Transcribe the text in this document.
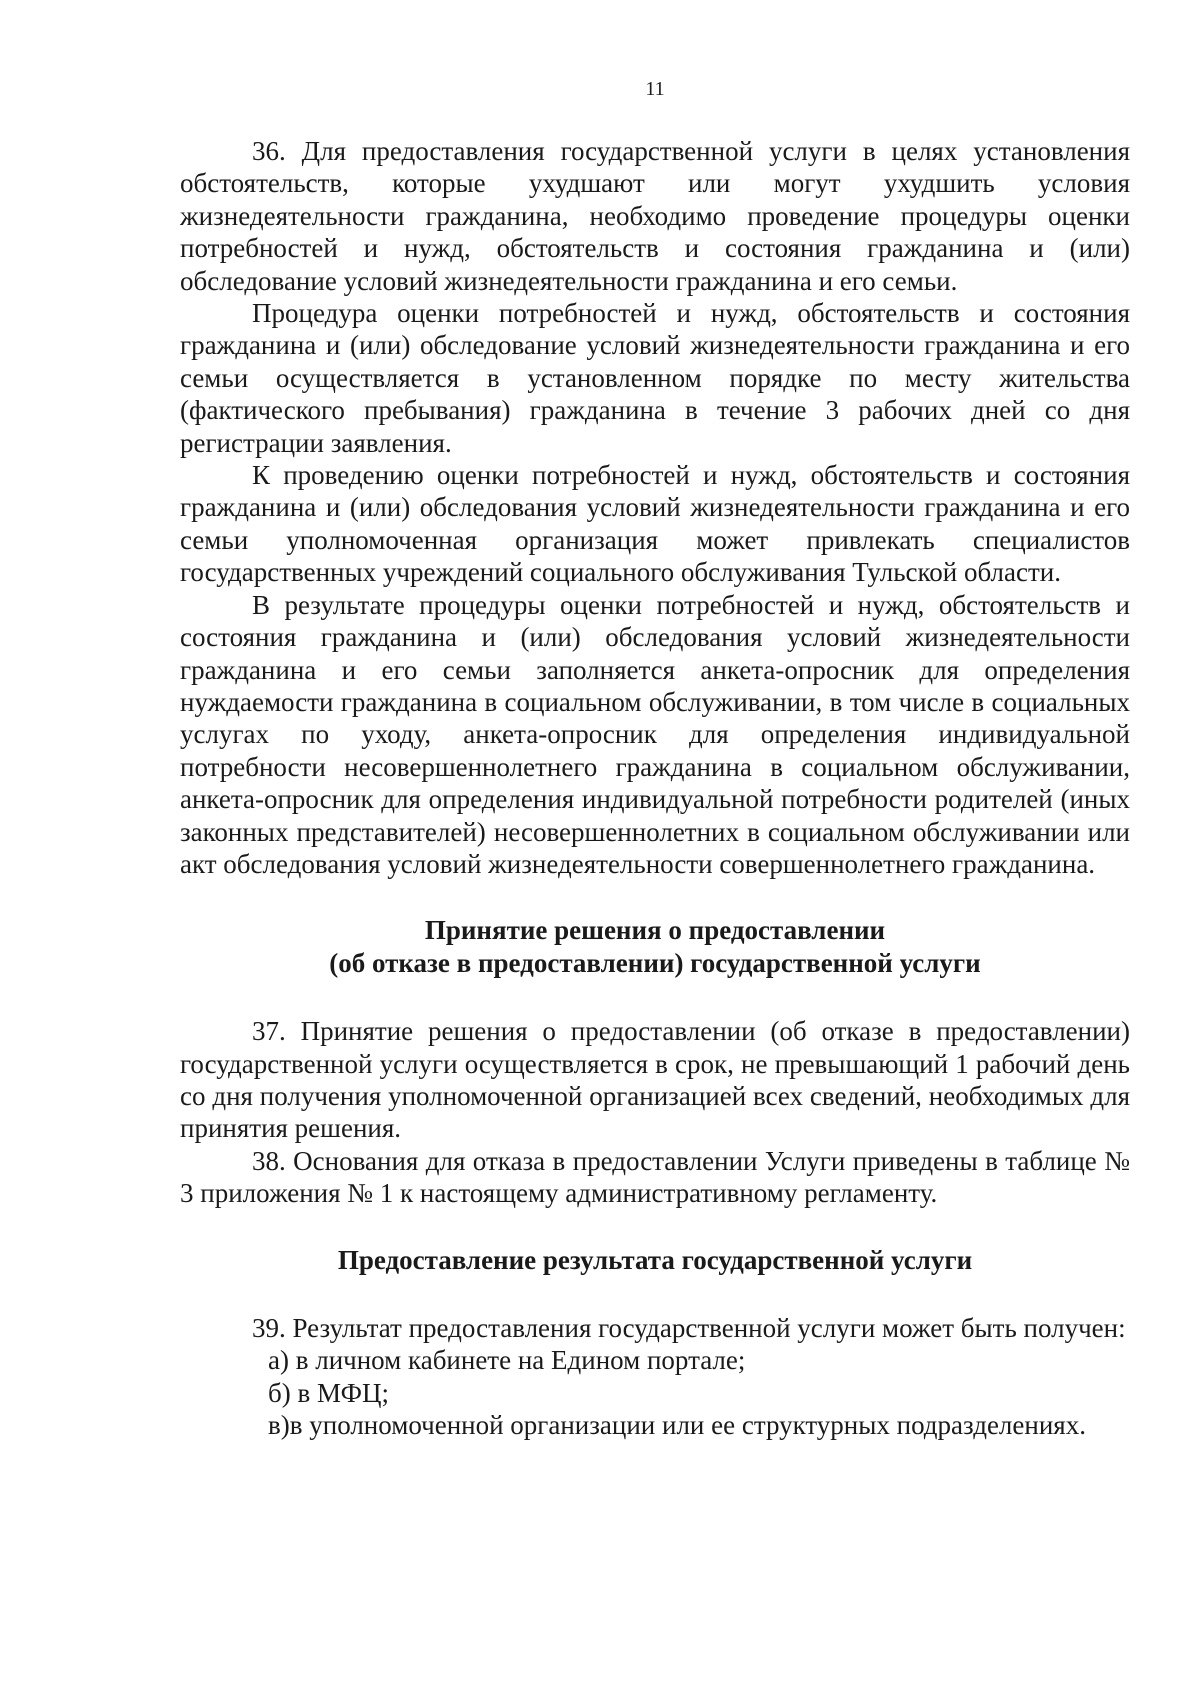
11

36. Для предоставления государственной услуги в целях установления обстоятельств, которые ухудшают или могут ухудшить условия жизнедеятельности гражданина, необходимо проведение процедуры оценки потребностей и нужд, обстоятельств и состояния гражданина и (или) обследование условий жизнедеятельности гражданина и его семьи.

Процедура оценки потребностей и нужд, обстоятельств и состояния гражданина и (или) обследование условий жизнедеятельности гражданина и его семьи осуществляется в установленном порядке по месту жительства (фактического пребывания) гражданина в течение 3 рабочих дней со дня регистрации заявления.

К проведению оценки потребностей и нужд, обстоятельств и состояния гражданина и (или) обследования условий жизнедеятельности гражданина и его семьи уполномоченная организация может привлекать специалистов государственных учреждений социального обслуживания Тульской области.

В результате процедуры оценки потребностей и нужд, обстоятельств и состояния гражданина и (или) обследования условий жизнедеятельности гражданина и его семьи заполняется анкета-опросник для определения нуждаемости гражданина в социальном обслуживании, в том числе в социальных услугах по уходу, анкета-опросник для определения индивидуальной потребности несовершеннолетнего гражданина в социальном обслуживании, анкета-опросник для определения индивидуальной потребности родителей (иных законных представителей) несовершеннолетних в социальном обслуживании или акт обследования условий жизнедеятельности совершеннолетнего гражданина.

Принятие решения о предоставлении

(об отказе в предоставлении) государственной услуги

37. Принятие решения о предоставлении (об отказе в предоставлении) государственной услуги осуществляется в срок, не превышающий 1 рабочий день со дня получения уполномоченной организацией всех сведений, необходимых для принятия решения.

38. Основания для отказа в предоставлении Услуги приведены в таблице № 3 приложения № 1 к настоящему административному регламенту.

Предоставление результата государственной услуги

39. Результат предоставления государственной услуги может быть получен:

а) в личном кабинете на Едином портале;

б) в МФЦ;

в)в уполномоченной организации или ее структурных подразделениях.
